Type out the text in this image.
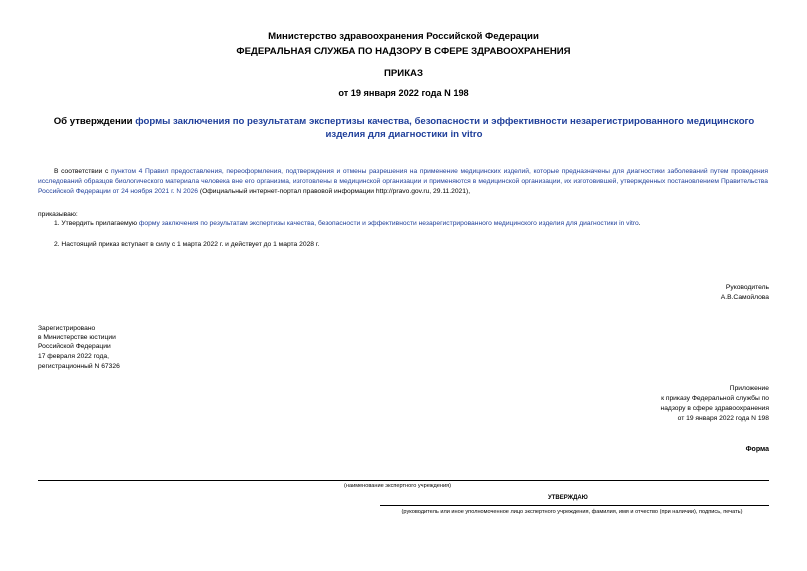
Министерство здравоохранения Российской Федерации
ФЕДЕРАЛЬНАЯ СЛУЖБА ПО НАДЗОРУ В СФЕРЕ ЗДРАВООХРАНЕНИЯ
ПРИКАЗ
от 19 января 2022 года N 198
Об утверждении формы заключения по результатам экспертизы качества, безопасности и эффективности незарегистрированного медицинского изделия для диагностики in vitro
В соответствии с пунктом 4 Правил предоставления, переоформления, подтверждения и отмены разрешения на применение медицинских изделий, которые предназначены для диагностики заболеваний путем проведения исследований образцов биологического материала человека вне его организма, изготовлены в медицинской организации и применяются в медицинской организации, их изготовившей, утвержденных постановлением Правительства Российской Федерации от 24 ноября 2021 г. N 2026 (Официальный интернет-портал правовой информации http://pravo.gov.ru, 29.11.2021),
приказываю:
1. Утвердить прилагаемую форму заключения по результатам экспертизы качества, безопасности и эффективности незарегистрированного медицинского изделия для диагностики in vitro.
2. Настоящий приказ вступает в силу с 1 марта 2022 г. и действует до 1 марта 2028 г.
Руководитель
А.В.Самойлова
Зарегистрировано
в Министерстве юстиции
Российской Федерации
17 февраля 2022 года,
регистрационный N 67326
Приложение
к приказу Федеральной службы по
надзору в сфере здравоохранения
от 19 января 2022 года N 198
Форма
(наименование экспертного учреждения)
УТВЕРЖДАЮ
(руководитель или иное уполномоченное лицо экспертного учреждения, фамилия, имя и отчество (при наличии), подпись, печать)
